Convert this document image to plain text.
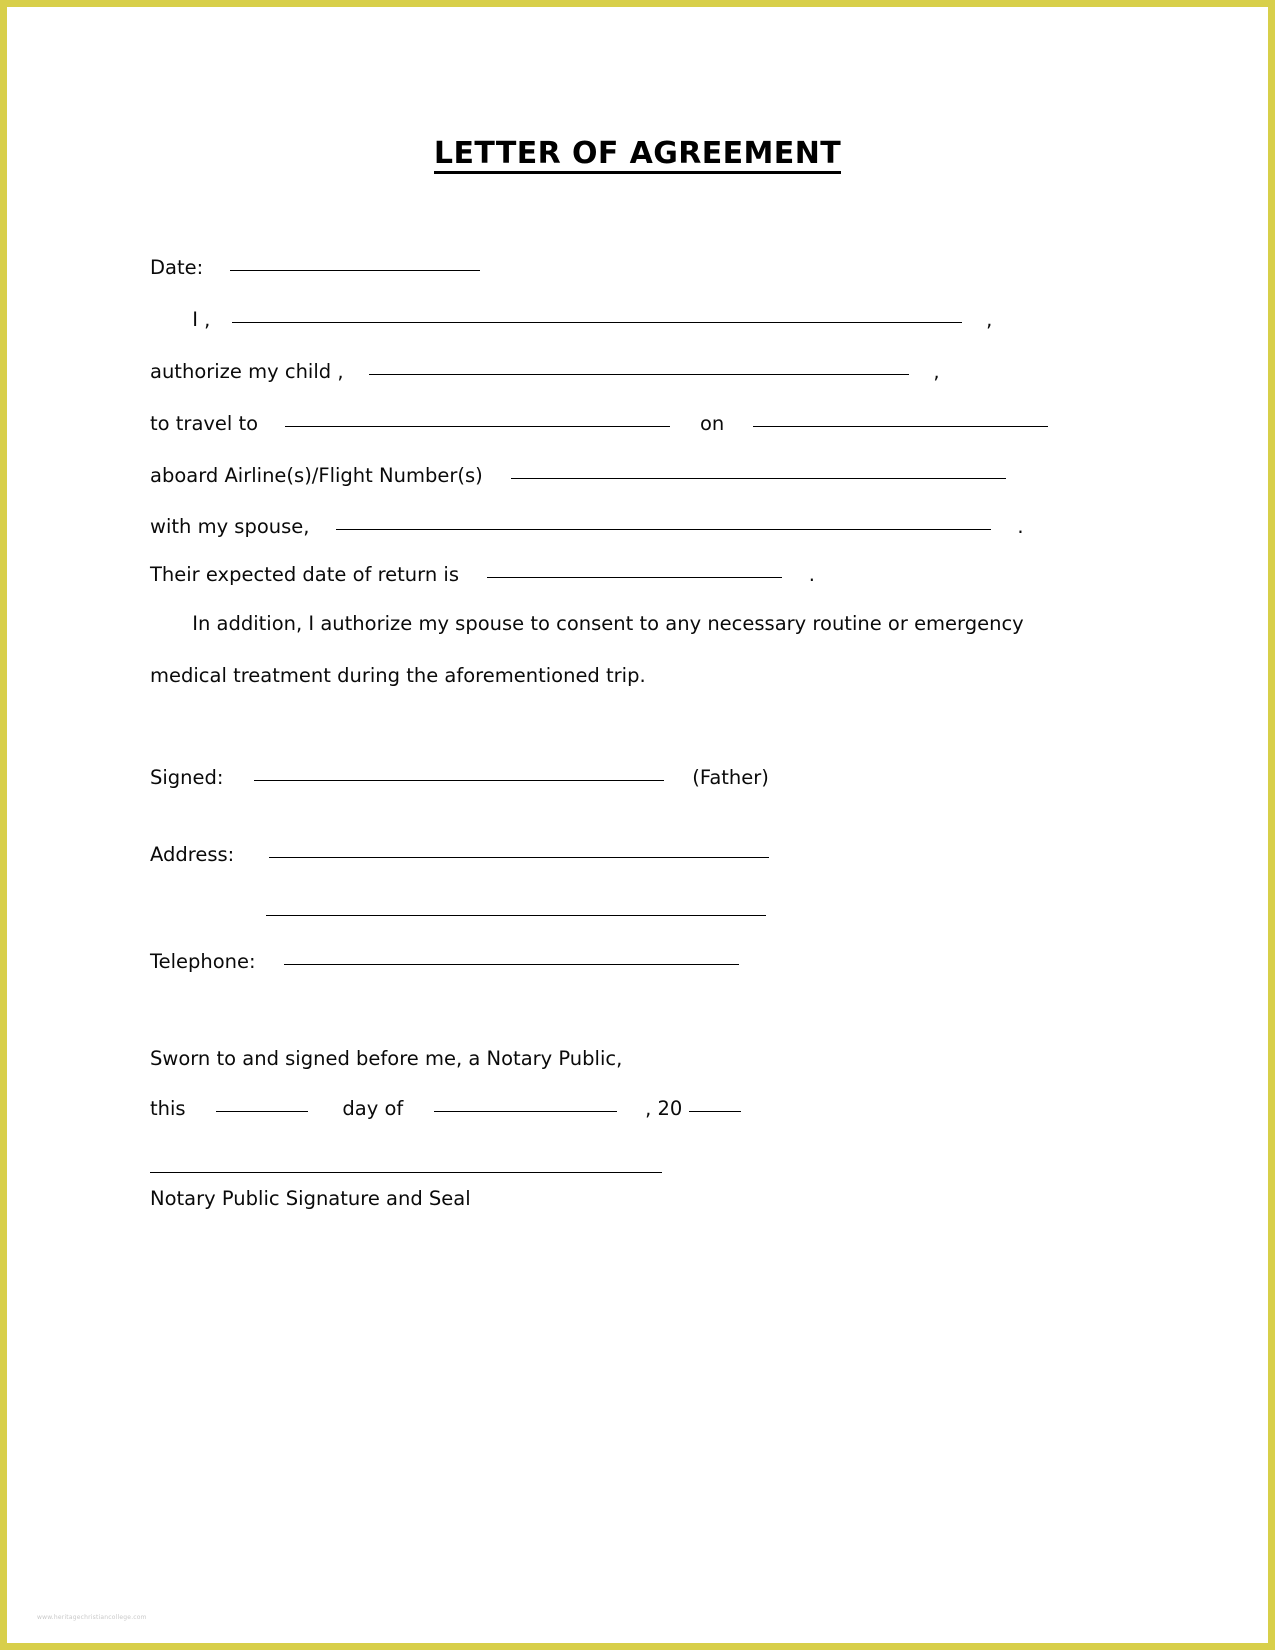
LETTER OF AGREEMENT
Date:
I ,	,
authorize my child ,	,
to travel to	on
aboard Airline(s)/Flight Number(s)
with my spouse,	.
Their expected date of return is	.
In addition, I authorize my spouse to consent to any necessary routine or emergency
medical treatment during the aforementioned trip.
Signed:	(Father)
Address:

Telephone:
Sworn to and signed before me, a Notary Public,
this	day of	, 20
Notary Public Signature and Seal
www.heritagechristiancollege.com
